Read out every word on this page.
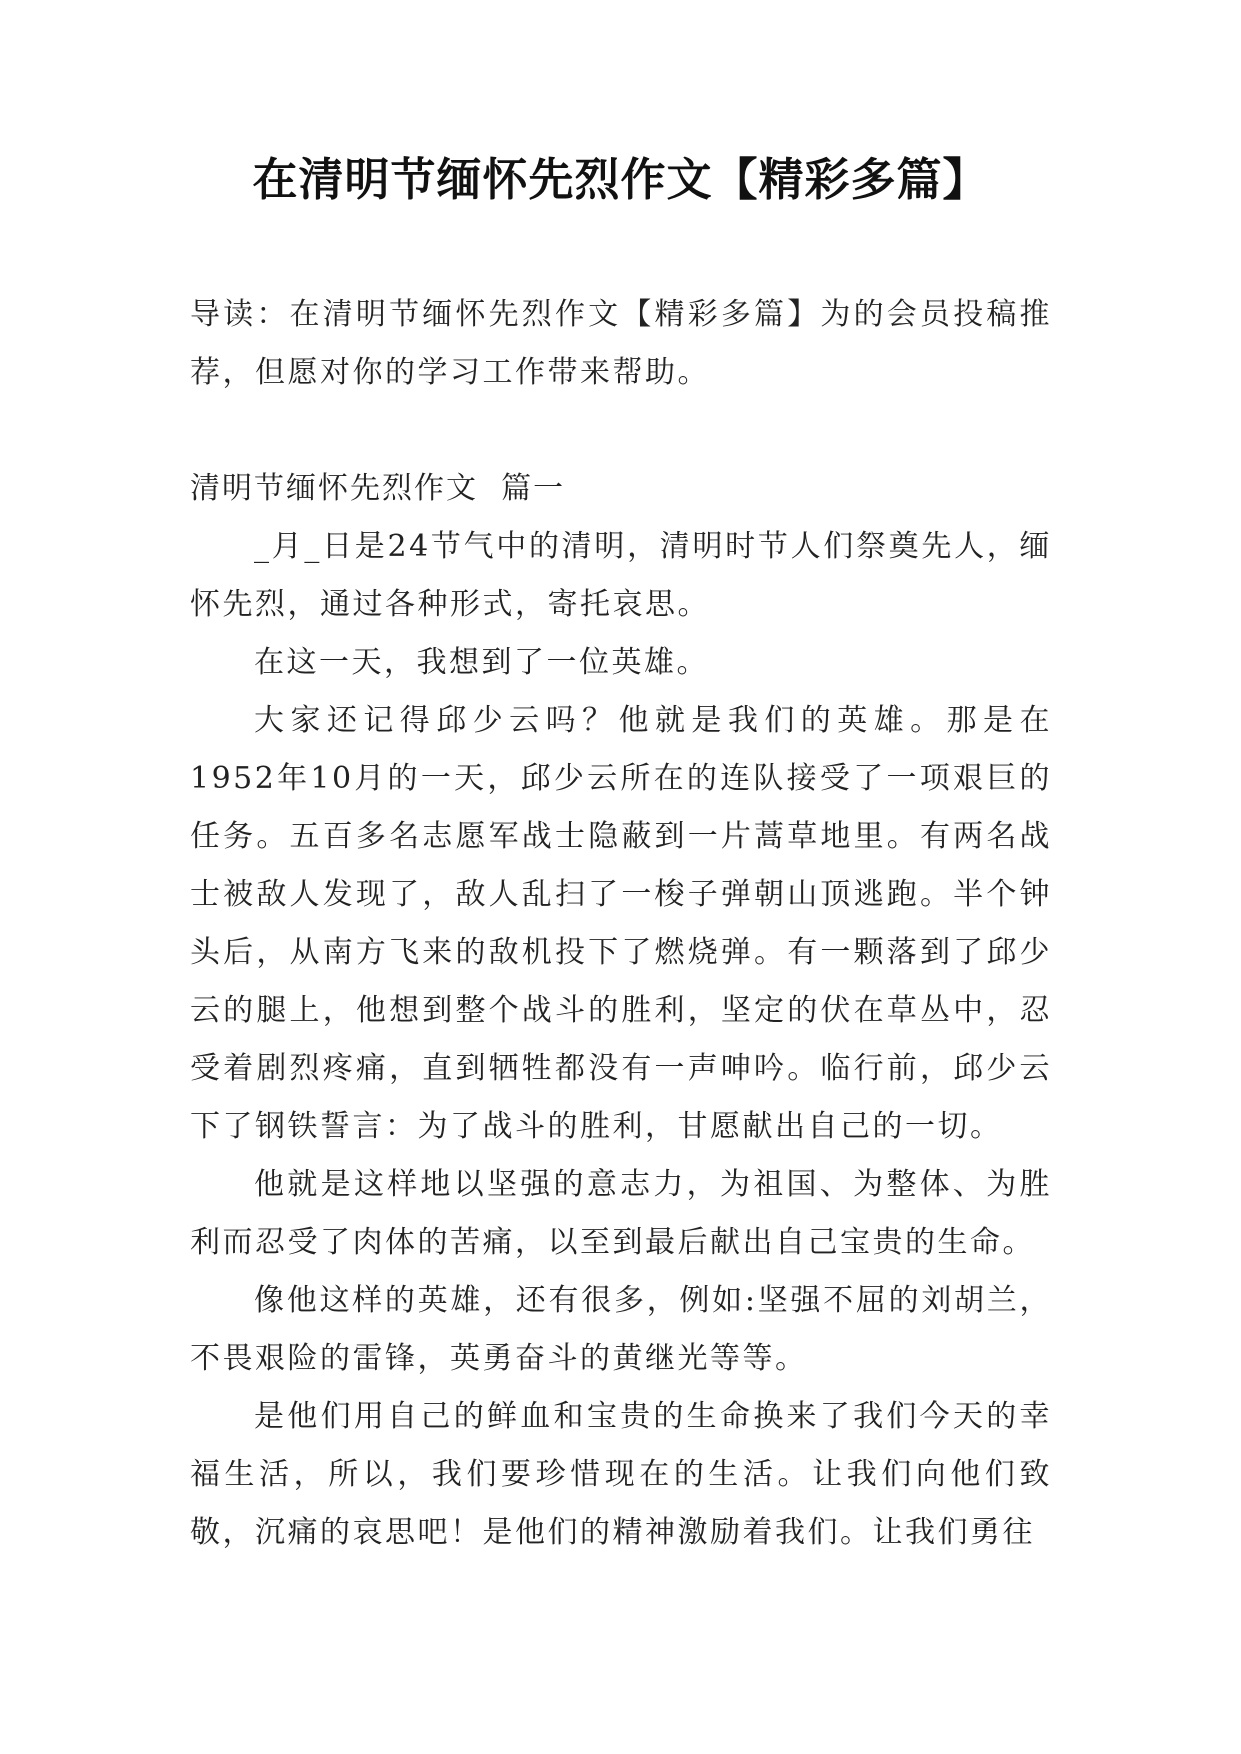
在清明节缅怀先烈作文【精彩多篇】

导读：在清明节缅怀先烈作文【精彩多篇】为的会员投稿推荐，但愿对你的学习工作带来帮助。

清明节缅怀先烈作文  篇一

_月_日是24节气中的清明，清明时节人们祭奠先人，缅怀先烈，通过各种形式，寄托哀思。

在这一天，我想到了一位英雄。

大家还记得邱少云吗？他就是我们的英雄。那是在1952年10月的一天，邱少云所在的连队接受了一项艰巨的任务。五百多名志愿军战士隐蔽到一片蒿草地里。有两名战士被敌人发现了，敌人乱扫了一梭子弹朝山顶逃跑。半个钟头后，从南方飞来的敌机投下了燃烧弹。有一颗落到了邱少云的腿上，他想到整个战斗的胜利，坚定的伏在草丛中，忍受着剧烈疼痛，直到牺牲都没有一声呻吟。临行前，邱少云下了钢铁誓言：为了战斗的胜利，甘愿献出自己的一切。

他就是这样地以坚强的意志力，为祖国、为整体、为胜利而忍受了肉体的苦痛，以至到最后献出自己宝贵的生命。

像他这样的英雄，还有很多，例如:坚强不屈的刘胡兰，不畏艰险的雷锋，英勇奋斗的黄继光等等。

是他们用自己的鲜血和宝贵的生命换来了我们今天的幸福生活，所以，我们要珍惜现在的生活。让我们向他们致敬，沉痛的哀思吧！是他们的精神激励着我们。让我们勇往
